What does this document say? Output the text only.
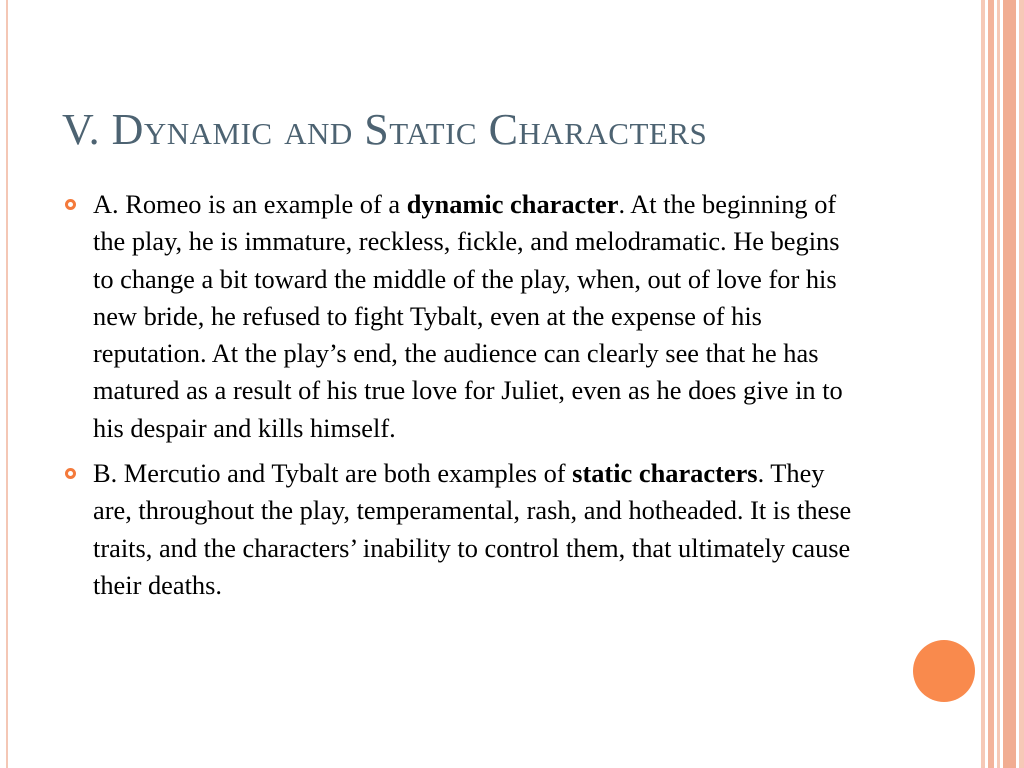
V. Dynamic and Static Characters
A. Romeo is an example of a dynamic character. At the beginning of the play, he is immature, reckless, fickle, and melodramatic. He begins to change a bit toward the middle of the play, when, out of love for his new bride, he refused to fight Tybalt, even at the expense of his reputation. At the play’s end, the audience can clearly see that he has matured as a result of his true love for Juliet, even as he does give in to his despair and kills himself.
B. Mercutio and Tybalt are both examples of static characters. They are, throughout the play, temperamental, rash, and hotheaded. It is these traits, and the characters’ inability to control them, that ultimately cause their deaths.
